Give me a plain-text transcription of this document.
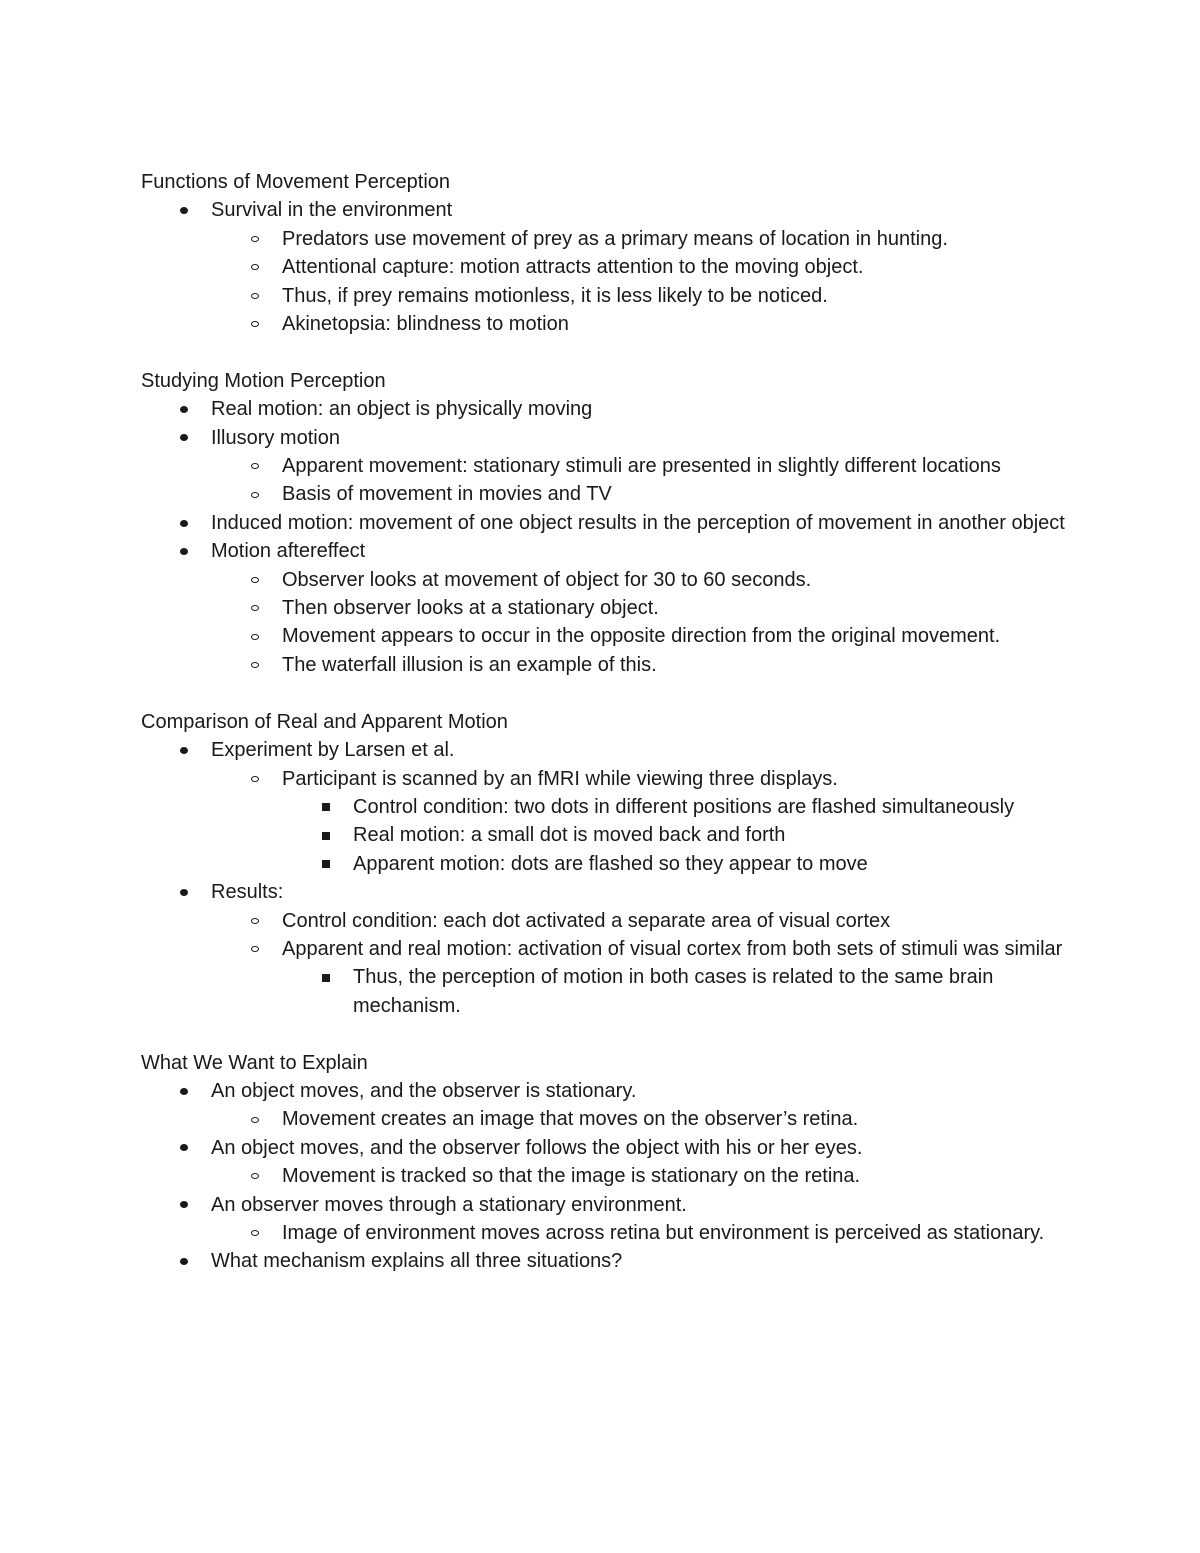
Functions of Movement Perception
Survival in the environment
Predators use movement of prey as a primary means of location in hunting.
Attentional capture: motion attracts attention to the moving object.
Thus, if prey remains motionless, it is less likely to be noticed.
Akinetopsia: blindness to motion
Studying Motion Perception
Real motion: an object is physically moving
Illusory motion
Apparent movement: stationary stimuli are presented in slightly different locations
Basis of movement in movies and TV
Induced motion: movement of one object results in the perception of movement in another object
Motion aftereffect
Observer looks at movement of object for 30 to 60 seconds.
Then observer looks at a stationary object.
Movement appears to occur in the opposite direction from the original movement.
The waterfall illusion is an example of this.
Comparison of Real and Apparent Motion
Experiment by Larsen et al.
Participant is scanned by an fMRI while viewing three displays.
Control condition: two dots in different positions are flashed simultaneously
Real motion: a small dot is moved back and forth
Apparent motion: dots are flashed so they appear to move
Results:
Control condition: each dot activated a separate area of visual cortex
Apparent and real motion: activation of visual cortex from both sets of stimuli was similar
Thus, the perception of motion in both cases is related to the same brain mechanism.
What We Want to Explain
An object moves, and the observer is stationary.
Movement creates an image that moves on the observer’s retina.
An object moves, and the observer follows the object with his or her eyes.
Movement is tracked so that the image is stationary on the retina.
An observer moves through a stationary environment.
Image of environment moves across retina but environment is perceived as stationary.
What mechanism explains all three situations?
